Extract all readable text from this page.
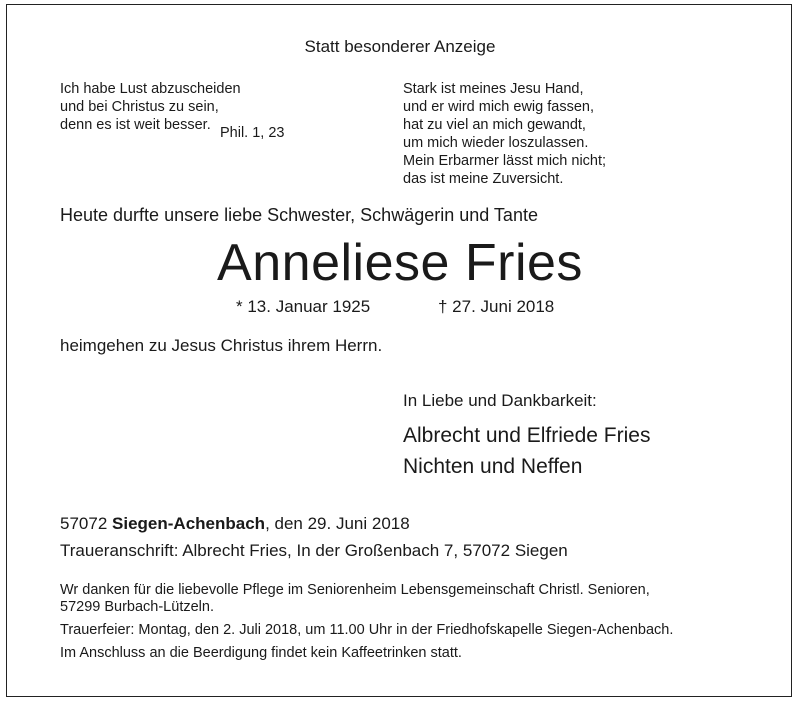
Statt besonderer Anzeige
Ich habe Lust abzuscheiden
und bei Christus zu sein,
denn es ist weit besser. Phil. 1, 23
Stark ist meines Jesu Hand,
und er wird mich ewig fassen,
hat zu viel an mich gewandt,
um mich wieder loszulassen.
Mein Erbarmer lässt mich nicht;
das ist meine Zuversicht.
Heute durfte unsere liebe Schwester, Schwägerin und Tante
Anneliese Fries
* 13. Januar 1925	† 27. Juni 2018
heimgehen zu Jesus Christus ihrem Herrn.
In Liebe und Dankbarkeit:
Albrecht und Elfriede Fries
Nichten und Neffen
57072 Siegen-Achenbach, den 29. Juni 2018
Traueranschrift: Albrecht Fries, In der Großenbach 7, 57072 Siegen
Wr danken für die liebevolle Pflege im Seniorenheim Lebensgemeinschaft Christl. Senioren,
57299 Burbach-Lützeln.
Trauerfeier: Montag, den 2. Juli 2018, um 11.00 Uhr in der Friedhofskapelle Siegen-Achenbach.
Im Anschluss an die Beerdigung findet kein Kaffeetrinken statt.
